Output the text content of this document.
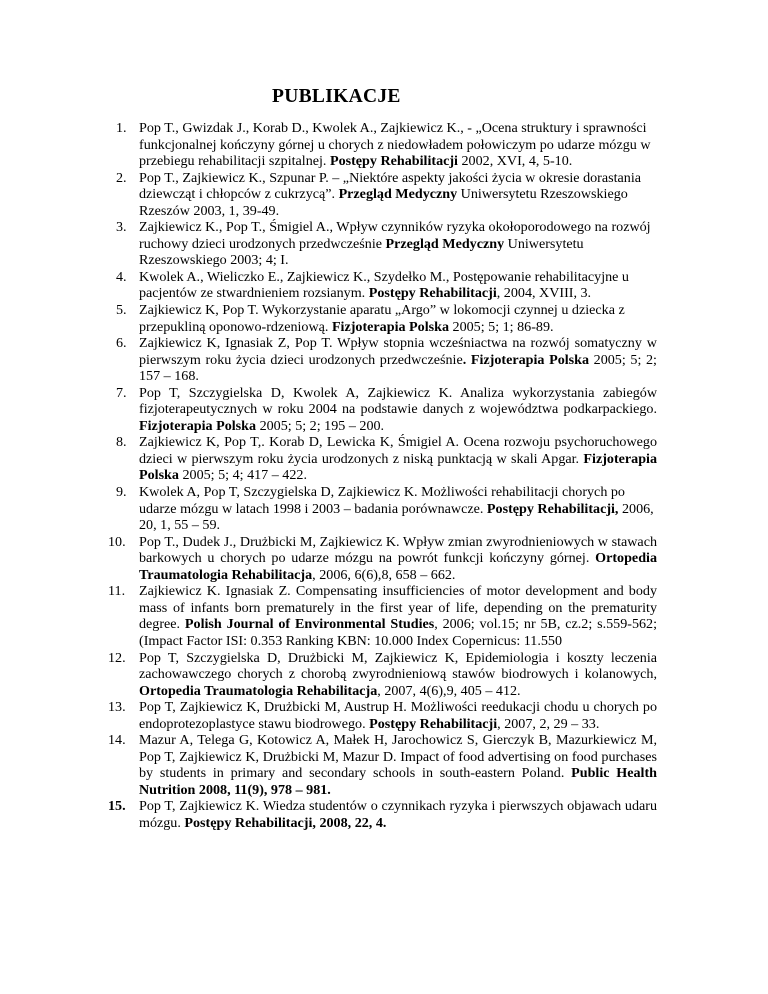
PUBLIKACJE
1. Pop T., Gwizdak J., Korab D., Kwolek A., Zajkiewicz K., - „Ocena struktury i sprawności funkcjonalnej kończyny górnej u chorych z niedowładem połowiczym po udarze mózgu w przebiegu rehabilitacji szpitalnej. Postępy Rehabilitacji 2002, XVI, 4, 5-10.
2. Pop T., Zajkiewicz K., Szpunar P. – „Niektóre aspekty jakości życia w okresie dorastania dziewcząt i chłopców z cukrzycą”. Przegląd Medyczny Uniwersytetu Rzeszowskiego Rzeszów 2003, 1, 39-49.
3. Zajkiewicz K., Pop T., Śmigiel A., Wpływ czynników ryzyka okołoporodowego na rozwój ruchowy dzieci urodzonych przedwcześnie Przegląd Medyczny Uniwersytetu Rzeszowskiego 2003; 4; I.
4. Kwolek A., Wieliczko E., Zajkiewicz K., Szydełko M., Postępowanie rehabilitacyjne u pacjentów ze stwardnieniem rozsianym. Postępy Rehabilitacji, 2004, XVIII, 3.
5. Zajkiewicz K, Pop T. Wykorzystanie aparatu „Argo” w lokomocji czynnej u dziecka z przepukliną oponowo-rdzeniową. Fizjoterapia Polska 2005; 5; 1; 86-89.
6. Zajkiewicz K, Ignasiak Z, Pop T. Wpływ stopnia wcześniactwa na rozwój somatyczny w pierwszym roku życia dzieci urodzonych przedwcześnie. Fizjoterapia Polska 2005; 5; 2; 157 – 168.
7. Pop T, Szczygielska D, Kwolek A, Zajkiewicz K. Analiza wykorzystania zabiegów fizjoterapeutycznych w roku 2004 na podstawie danych z województwa podkarpackiego. Fizjoterapia Polska 2005; 5; 2; 195 – 200.
8. Zajkiewicz K, Pop T,. Korab D, Lewicka K, Śmigiel A. Ocena rozwoju psychoruchowego dzieci w pierwszym roku życia urodzonych z niską punktacją w skali Apgar. Fizjoterapia Polska 2005; 5; 4; 417 – 422.
9. Kwolek A, Pop T, Szczygielska D, Zajkiewicz K. Możliwości rehabilitacji chorych po udarze mózgu w latach 1998 i 2003 – badania porównawcze. Postępy Rehabilitacji, 2006, 20, 1, 55 – 59.
10. Pop T., Dudek J., Drużbicki M, Zajkiewicz K. Wpływ zmian zwyrodnieniowych w stawach barkowych u chorych po udarze mózgu na powrót funkcji kończyny górnej. Ortopedia Traumatologia Rehabilitacja, 2006, 6(6),8, 658 – 662.
11. Zajkiewicz K. Ignasiak Z. Compensating insufficiencies of motor development and body mass of infants born prematurely in the first year of life, depending on the prematurity degree. Polish Journal of Environmental Studies, 2006; vol.15; nr 5B, cz.2; s.559-562; (Impact Factor ISI: 0.353 Ranking KBN: 10.000 Index Copernicus: 11.550
12. Pop T, Szczygielska D, Drużbicki M, Zajkiewicz K, Epidemiologia i koszty leczenia zachowawczego chorych z chorobą zwyrodnieniową stawów biodrowych i kolanowych, Ortopedia Traumatologia Rehabilitacja, 2007, 4(6),9, 405 – 412.
13. Pop T, Zajkiewicz K, Drużbicki M, Austrup H. Możliwości reedukacji chodu u chorych po endoprotezoplastyce stawu biodrowego. Postępy Rehabilitacji, 2007, 2, 29 – 33.
14. Mazur A, Telega G, Kotowicz A, Małek H, Jarochowicz S, Gierczyk B, Mazurkiewicz M, Pop T, Zajkiewicz K, Drużbicki M, Mazur D. Impact of food advertising on food purchases by students in primary and secondary schools in south-eastern Poland. Public Health Nutrition 2008, 11(9), 978 – 981.
15. Pop T, Zajkiewicz K. Wiedza studentów o czynnikach ryzyka i pierwszych objawach udaru mózgu. Postępy Rehabilitacji, 2008, 22, 4.
